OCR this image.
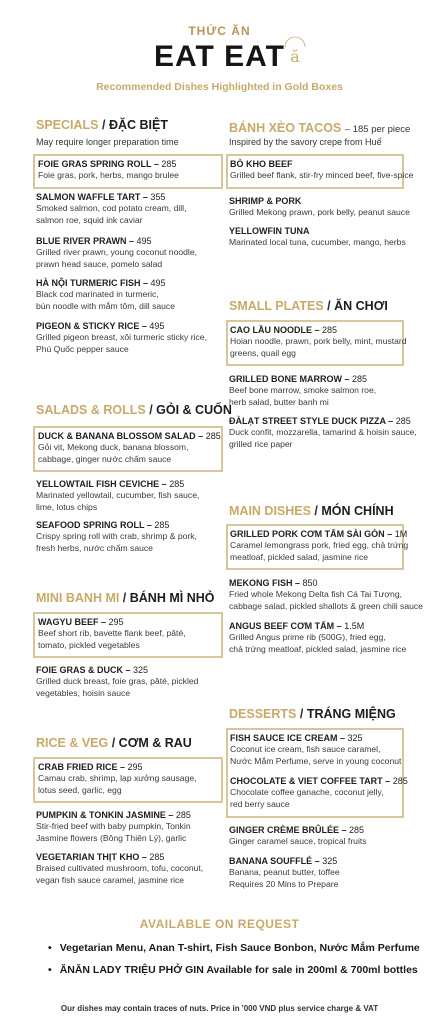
THỨC ĂN
EAT EAT ă
Recommended Dishes Highlighted in Gold Boxes
SPECIALS / ĐẶC BIỆT
May require longer preparation time
FOIE GRAS SPRING ROLL – 285
Foie gras, pork, herbs, mango brulee
SALMON WAFFLE TART – 355
Smoked salmon, cod potato cream, dill,
salmon roe, squid ink caviar
BLUE RIVER PRAWN – 495
Grilled river prawn, young coconut noodle,
prawn head sauce, pomelo salad
HÀ NỘI TURMERIC FISH – 495
Black cod marinated in turmeric,
bún noodle with mắm tôm, dill sauce
PIGEON & STICKY RICE – 495
Grilled pigeon breast, xôi turmeric sticky rice,
Phú Quốc pepper sauce
BÁNH XÈO TACOS – 185 per piece
Inspired by the savory crepe from Huế
BÒ KHO BEEF
Grilled beef flank, stir-fry minced beef, five-spice
SHRIMP & PORK
Grilled Mekong prawn, pork belly, peanut sauce
YELLOWFIN TUNA
Marinated local tuna, cucumber, mango, herbs
SMALL PLATES / ĂN CHƠI
CAO LẦU NOODLE – 285
Hoian noodle, prawn, pork belly, mint, mustard
greens, quail egg
GRILLED BONE MARROW – 285
Beef bone marrow, smoke salmon roe,
herb salad, butter banh mi
ĐÀLẠT STREET STYLE DUCK PIZZA – 285
Duck confit, mozzarella, tamarind & hoisin sauce,
grilled rice paper
SALADS & ROLLS / GỎI & CUỐN
DUCK & BANANA BLOSSOM SALAD – 285
Gỏi vịt, Mekong duck, banana blossom,
cabbage, ginger nước chấm sauce
YELLOWTAIL FISH CEVICHE – 285
Marinated yellowtail, cucumber, fish sauce,
lime, lotus chips
SEAFOOD SPRING ROLL – 285
Crispy spring roll with crab, shrimp & pork,
fresh herbs, nước chấm sauce
MAIN DISHES / MÓN CHÍNH
GRILLED PORK CƠM TẤM SÀI GÒN – 1M
Caramel lemongrass pork, fried egg, chả trứng
meatloaf, pickled salad, jasmine rice
MEKONG FISH – 850
Fried whole Mekong Delta fish Cá Tai Tượng,
cabbage salad, pickled shallots & green chili sauce
ANGUS BEEF CƠM TẤM – 1.5M
Grilled Angus prime rib (500G), fried egg,
chả trứng meatloaf, pickled salad, jasmine rice
MINI BANH MI / BÁNH MÌ NHỎ
WAGYU BEEF – 295
Beef short rib, bavette flank beef, pâté,
tomato, pickled vegetables
FOIE GRAS & DUCK – 325
Grilled duck breast, foie gras, pâté, pickled
vegetables, hoisin sauce
DESSERTS / TRÁNG MIỆNG
FISH SAUCE ICE CREAM – 325
Coconut ice cream, fish sauce caramel,
Nước Mắm Perfume, serve in young coconut
CHOCOLATE & VIET COFFEE TART – 285
Chocolate coffee ganache, coconut jelly,
red berry sauce
GINGER CRÈME BRÛLÉE – 285
Ginger caramel sauce, tropical fruits
BANANA SOUFFLÉ – 325
Banana, peanut butter, toffee
Requires 20 Mins to Prepare
RICE & VEG / CƠM & RAU
CRAB FRIED RICE – 295
Camau crab, shrimp, lạp xưởng sausage,
lotus seed, garlic, egg
PUMPKIN & TONKIN JASMINE – 285
Stir-fried beef with baby pumpkin, Tonkin
Jasmine flowers (Bông Thiên Lý), garlic
VEGETARIAN THỊT KHO – 285
Braised cultivated mushroom, tofu, coconut,
vegan fish sauce caramel, jasmine rice
AVAILABLE ON REQUEST
• Vegetarian Menu, Anan T-shirt, Fish Sauce Bonbon, Nước Mắm Perfume
• ĂNĂN LADY TRIỆU PHỞ GIN Available for sale in 200ml & 700ml bottles
Our dishes may contain traces of nuts. Price in '000 VND plus service charge & VAT
